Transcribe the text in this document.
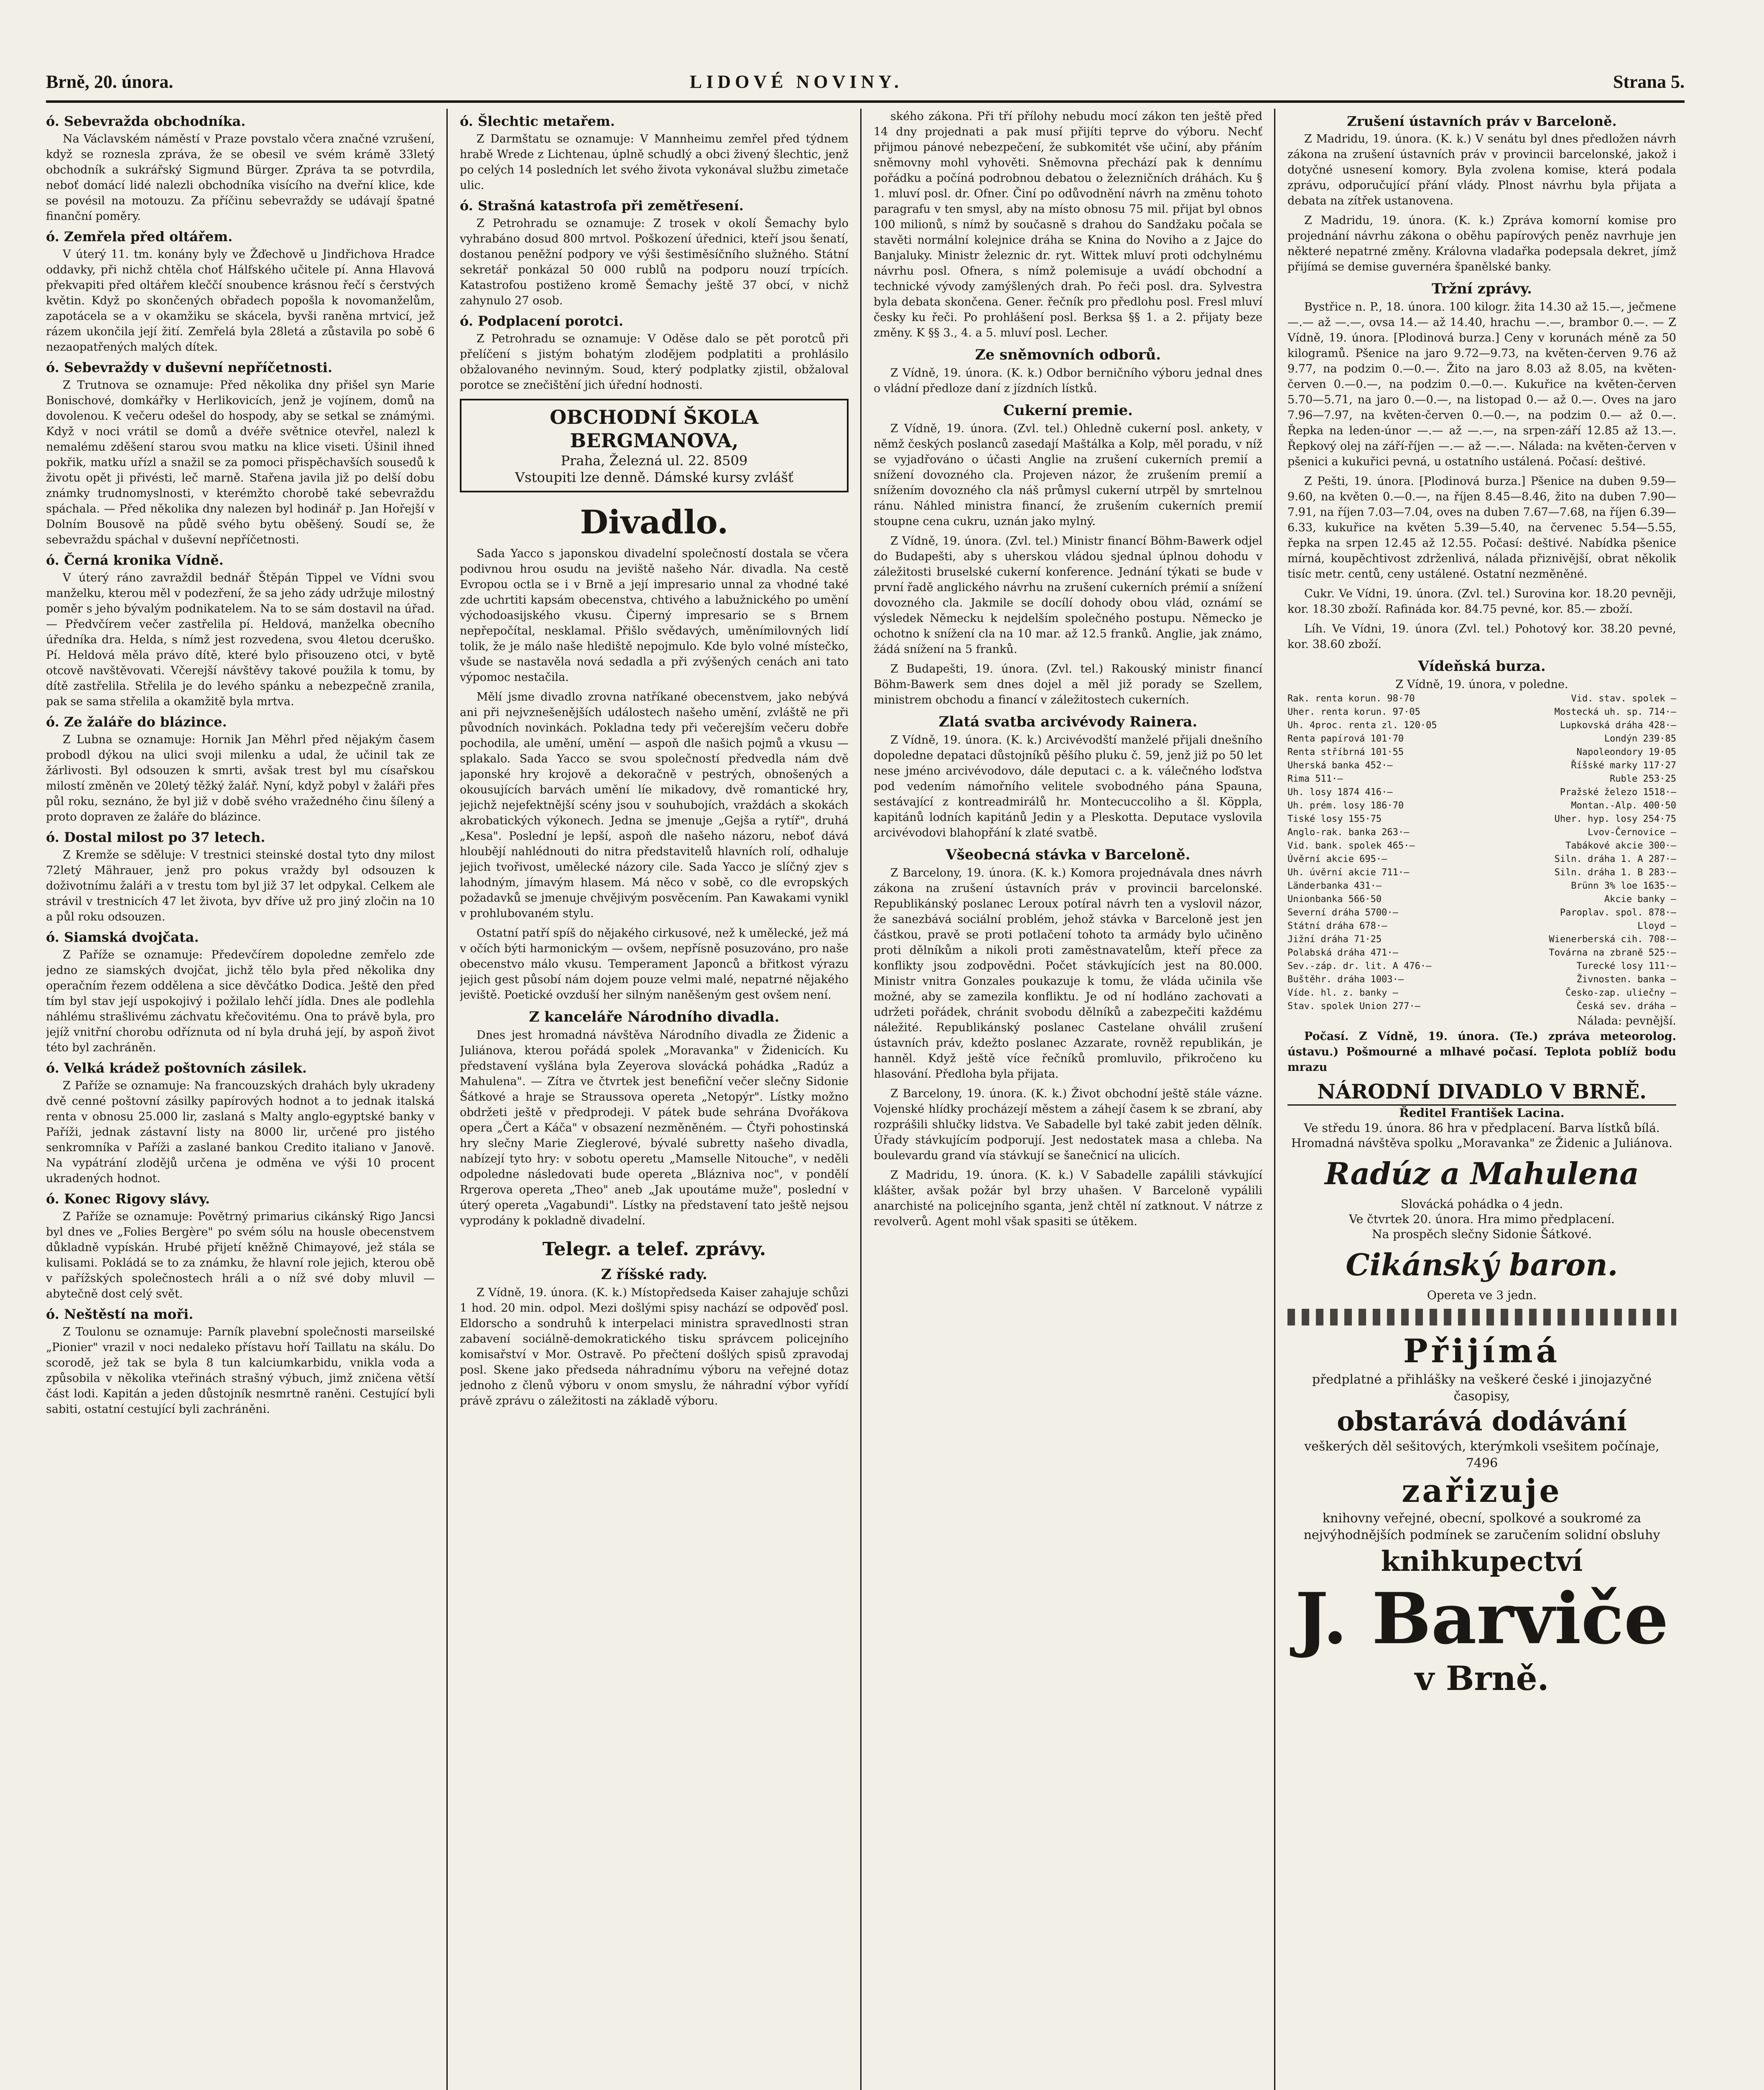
Brně, 20. února.	LIDOVÉ NOVINY.	Strana 5.
ó. Sebevražda obchodníka.

Na Václavském náměstí v Praze povstalo včera značné vzrušení, když se roznesla zpráva, že se obesil ve svém krámě 33letý obchodník a sukrářský Sigmund Bürger. Zpráva ta se potvrdila, neboť domácí lidé nalezli obchodníka visícího na dveřní klice, kde se povésil na motouzu. Za příčinu sebevraždy se udávají špatné finanční poměry.

ó. Zemřela před oltářem.

V úterý 11. tm. konány byly ve Žďechově u Jindřichova Hradce oddavky, při nichž chtěla choť Hálfského učitele pí. Anna Hlavová překvapiti před oltářem kleččí snoubence krásnou řečí s čerstvých květin. Když po skončených obřadech popošla k novomanželům, zapotácela se a v okamžiku se skácela, byvši raněna mrtvicí, jež rázem ukončila její žití. Zemřelá byla 28letá a zůstavila po sobě 6 nezaopatřených malých dítek.

ó. Sebevraždy v duševní nepříčetnosti.

Z Trutnova se oznamuje: Před několika dny přišel syn Marie Bonischové, domkářky v Herlikovicích, jenž je vojínem, domů na dovolenou. K večeru odešel do hospody, aby se setkal se známými. Když v noci vrátil se domů a dvéře světnice otevřel, nalezl k nemalému zděšení starou svou matku na klice viseti. Úšinil ihned pokřik, matku uřízl a snažil se za pomoci přispěchavších sousedů k životu opět ji přivésti, leč marně. Stařena javila již po delší dobu známky trudnomyslnosti, v kterémžto chorobě také sebevraždu spáchala. — Před několika dny nalezen byl hodinář p. Jan Hořejší v Dolním Bousově na půdě svého bytu oběšený. Soudí se, že sebevraždu spáchal v duševní nepříčetnosti.

ó. Černá kronika Vídně.

V úterý ráno zavraždil bednář Štěpán Tippel ve Vídni svou manželku, kterou měl v podezření, že sa jeho zády udržuje milostný poměr s jeho bývalým podnikatelem. Na to se sám dostavil na úřad. — Předvčírem večer zastřelila pí. Heldová, manželka obecního úředníka dra. Helda, s nímž jest rozvedena, svou 4letou dceruško. Pí. Heldová měla právo dítě, které bylo přisouzeno otci, v bytě otcově navštěvovati. Včerejší návštěvy takové použila k tomu, by dítě zastřelila. Střelila je do levého spánku a nebezpečně zranila, pak se sama střelila a okamžitě byla mrtva.

ó. Ze žaláře do blázince.

Z Lubna se oznamuje: Hornik Jan Měhrl před nějakým časem probodl dýkou na ulici svoji milenku a udal, že učinil tak ze žárlivosti. Byl odsouzen k smrti, avšak trest byl mu císařskou milostí změněn ve 20letý těžký žalář. Nyní, když pobyl v žaláři přes půl roku, seznáno, že byl již v době svého vražedného činu šílený a proto dopraven ze žaláře do blázince.

ó. Dostal milost po 37 letech.

Z Kremže se sděluje: V trestnici steinské dostal tyto dny milost 72letý Mährauer, jenž pro pokus vraždy byl odsouzen k doživotnímu žaláři a v trestu tom byl již 37 let odpykal. Celkem ale strávil v trestnicích 47 let života, byv dříve už pro jiný zločin na 10 a půl roku odsouzen.

ó. Siamská dvojčata.

Z Paříže se oznamuje: Předevčírem dopoledne zemřelo zde jedno ze siamských dvojčat, jichž tělo byla před několika dny operačním řezem oddělena a sice děvčátko Dodica. Ještě den před tím byl stav její uspokojivý i požilalo lehčí jídla. Dnes ale podlehla náhlému strašlivému záchvatu křečovitému. Ona to právě byla, pro jejíž vnitřní chorobu odříznuta od ní byla druhá její, by aspoň život této byl zachráněn.

ó. Velká krádež poštovních zásilek.

Z Paříže se oznamuje: Na francouzských drahách byly ukradeny dvě cenné poštovní zásilky papírových hodnot a to jednak italská renta v obnosu 25.000 lir, zaslaná s Malty anglo-egyptské banky v Paříži, jednak zástavní listy na 8000 lir, určené pro jistého senkromníka v Paříži a zaslané bankou Credito italiano v Janově. Na vypátrání zlodějů určena je odměna ve výši 10 procent ukradených hodnot.

ó. Konec Rigovy slávy.

Z Paříže se oznamuje: Povětrný primarius cikánský Rigo Jancsi byl dnes ve „Folies Bergère" po svém sólu na housle obecenstvem důkladně vypískán. Hrubé přijetí kněžně Chimayové, jež stála se kulisami. Pokládá se to za známku, že hlavní role jejich, kterou obě v pařížských společnostech hráli a o níž své doby mluvil — abytečně dost celý svět.

ó. Neštěstí na moři.

Z Toulonu se oznamuje: Parník plavební společnosti marseilské „Pionier" vrazil v noci nedaleko přístavu hoří Taillatu na skálu. Do scorodě, jež tak se byla 8 tun kalciumkarbidu, vnikla voda a způsobila v několika vteřinách strašný výbuch, jimž zničena větší část lodi. Kapitán a jeden důstojník nesmrtně raněni. Cestující byli sabiti, ostatní cestující byli zachráněni.

ó. Šlechtic metařem.

Z Darmštatu se oznamuje: V Mannheimu zemřel před týdnem hrabě Wrede z Lichtenau, úplně schudlý a obci živený šlechtic, jenž po celých 14 posledních let svého života vykonával službu zimetače ulic.

ó. Strašná katastrofa při zemětřesení.

Z Petrohradu se oznamuje: Z trosek v okolí Šemachy bylo vyhrabáno dosud 800 mrtvol. Poškození úřednici, kteří jsou šenatí, dostanou peněžní podpory ve výši šestiměsíčního služného. Státní sekretář ponkázal 50 000 rublů na podporu nouzí trpících. Katastrofou postiženo kromě Šemachy ještě 37 obcí, v nichž zahynulo 27 osob.

ó. Podplacení porotci.

Z Petrohradu se oznamuje: V Oděse dalo se pět porotců při přelíčení s jistým bohatým zlodějem podplatiti a prohlásilo obžalovaného nevinným. Soud, který podplatky zjistil, obžaloval porotce se znečištění jich úřední hodnosti.

OBCHODNÍ ŠKOLA BERGMANOVA,
Praha, Železná ul. 22. 8509
Vstoupiti lze denně. Dámské kursy zvlášť
Divadlo.

Sada Yacco s japonskou divadelní společností dostala se včera podivnou hrou osudu na jeviště našeho Nár. divadla. Na cestě Evropou octla se i v Brně a její impresario unnal za vhodné také zde uchrtiti kapsám obecenstva, chtivého a labužnického po umění východoasijského vkusu. Čiperný impresario se s Brnem nepřepočítal, nesklamal. Přišlo svědavých, uměnímilovných lidí tolik, že je málo naše hlediště nepojmulo. Kde bylo volné místečko, všude se nastavěla nová sedadla a při zvýšených cenách ani tato výpomoc nestačila.

Mělí jsme divadlo zrovna natříkané obecenstvem, jako nebývá ani při nejvznešenějších událostech našeho umění, zvláště ne při původních novinkách. Pokladna tedy při večerejším večeru dobře pochodila, ale umění, umění — aspoň dle našich pojmů a vkusu — splakalo. Sada Yacco se svou společností předvedla nám dvě japonské hry krojově a dekoračně v pestrých, obnošených a okousujících barvách umění líe mikadovy, dvě romantické hry, jejichž nejefektnější scény jsou v souhubojích, vraždách a skokách akrobatických výkonech. Jedna se jmenuje „Gejša a rytíř", druhá „Kesa". Poslední je lepší, aspoň dle našeho názoru, neboť dává hloubějí nahlédnouti do nitra představitelů hlavních rolí, odhaluje jejich tvořivost, umělecké názory cile. Sada Yacco je slíčný zjev s lahodným, jímavým hlasem. Má něco v sobě, co dle evropských požadavků se jmenuje chvějivým posvěcením. Pan Kawakami vynikl v prohlubovaném stylu.

Ostatní patří spíš do nějakého cirkusové, než k umělecké, jež má v očích býti harmonickým — ovšem, nepřísně posuzováno, pro naše obecenstvo málo vkusu. Temperament Japonců a břitkost výrazu jejich gest působí nám dojem pouze velmi malé, nepatrné nějakého jeviště. Poetické ovzduší her silným naněšeným gest ovšem není.

Z kanceláře Národního divadla.

Dnes jest hromadná návštěva Národního divadla ze Židenic a Juliánova, kterou pořádá spolek „Moravanka" v Židenicích. Ku představení vyšlána byla Zeyerova slovácká pohádka „Radúz a Mahulena". — Zítra ve čtvrtek jest benefiční večer slečny Sidonie Šátkové a hraje se Straussova opereta „Netopýr". Lístky možno obdržeti ještě v předprodeji. V pátek bude sehrána Dvořákova opera „Čert a Káča" v obsazení nezměněném. — Čtyři pohostinská hry slečny Marie Zieglerové, bývalé subretty našeho divadla, nabízejí tyto hry: v sobotu operetu „Mamselle Nitouche", v neděli odpoledne následovati bude opereta „Blázniva noc", v pondělí Rrgerova opereta „Theo" aneb „Jak upoutáme muže", poslední v úterý opereta „Vagabundi". Lístky na představení tato ještě nejsou vyprodány k pokladně divadelní.

Telegr. a telef. zprávy.
Z říšské rady.

Z Vídně, 19. února. (K. k.) Místopředseda Kaiser zahajuje schůzi 1 hod. 20 min. odpol. Mezi došlými spisy nachází se odpověď posl. Eldorscho a sondruhů k interpelaci ministra spravedlnosti stran zabavení sociálně-demokratického tisku správcem policejního komisařství v Mor. Ostravě. Po přečtení došlých spisů zpravodaj posl. Skene jako předseda náhradnímu výboru na veřejné dotaz jednoho z členů výboru v onom smyslu, že náhradní výbor vyřídí právě zprávu o záležitosti na základě výboru.

ského zákona. Při tří přílohy nebudu mocí zákon ten ještě před 14 dny projednati a pak musí přijíti teprve do výboru. Nechť přijmou pánové nebezpečení, že subkomitét vše učiní, aby přáním sněmovny mohl vyhověti. Sněmovna přechází pak k dennímu pořádku a počíná podrobnou debatou o železničních dráhách. Ku § 1. mluví posl. dr. Ofner. Činí po odůvodnění návrh na změnu tohoto paragrafu v ten smysl, aby na místo obnosu 75 mil. přijat byl obnos 100 milionů, s nímž by současně s drahou do Sandžaku počala se stavěti normální kolejnice dráha se Knina do Noviho a z Jajce do Banjaluky. Ministr železnic dr. ryt. Wittek mluví proti odchylnému návrhu posl. Ofnera, s nímž polemisuje a uvádí obchodní a technické vývody zamýšlených drah. Po řeči posl. dra. Sylvestra byla debata skončena. Gener. řečník pro předlohu posl. Fresl mluví česky ku řeči. Po prohlášení posl. Berksa §§ 1. a 2. přijaty beze změny. K §§ 3., 4. a 5. mluví posl. Lecher.

Ze sněmovních odborů.

Z Vídně, 19. února. (K. k.) Odbor berničního výboru jednal dnes o vládní předloze daní z jízdních lístků.

Cukerní premie.

Z Vídně, 19. února. (Zvl. tel.) Ohledně cukerní posl. ankety, v němž českých poslanců zasedají Maštálka a Kolp, měl poradu, v níž se vyjadřováno o účasti Anglie na zrušení cukerních premií a snížení dovozného cla. Projeven názor, že zrušením premií a snížením dovozného cla náš průmysl cukerní utrpěl by smrtelnou ránu. Náhled ministra financí, že zrušením cukerních premií stoupne cena cukru, uznán jako mylný.

Z Vídně, 19. února. (Zvl. tel.) Ministr financí Böhm-Bawerk odjel do Budapešti, aby s uherskou vládou sjednal úplnou dohodu v záležitosti bruselské cukerní konference. Jednání týkati se bude v první řadě anglického návrhu na zrušení cukerních prémií a snížení dovozného cla. Jakmile se docílí dohody obou vlád, oznámí se výsledek Německu k nejdelším společného postupu. Německo je ochotno k snížení cla na 10 mar. až 12.5 franků. Anglie, jak známo, žádá snížení na 5 franků.

Z Budapešti, 19. února. (Zvl. tel.) Rakouský ministr financí Böhm-Bawerk sem dnes dojel a měl již porady se Szellem, ministrem obchodu a financí v záležitostech cukerních.

Zlatá svatba arcivévody Rainera.

Z Vídně, 19. února. (K. k.) Arcivévodští manželé přijali dnešního dopoledne depataci důstojníků pěšího pluku č. 59, jenž již po 50 let nese jméno arcivévodovo, dále deputaci c. a k. válečného loďstva pod vedením námořního velitele svobodného pána Spauna, sestávající z kontreadmirálů hr. Montecuccoliho a šl. Köppla, kapitánů lodních kapitánů Jedin y a Pleskotta. Deputace vyslovila arcivévodovi blahopřání k zlaté svatbě.

Všeobecná stávka v Barceloně.

Z Barcelony, 19. února. (K. k.) Komora projednávala dnes návrh zákona na zrušení ústavních práv v provincii barcelonské. Republikánský poslanec Leroux potíral návrh ten a vyslovil názor, že sanezbává sociální problém, jehož stávka v Barceloně jest jen částkou, pravě se proti potlačení tohoto ta armády bylo učiněno proti dělníkům a nikoli proti zaměstnavatelům, kteří přece za konflikty jsou zodpovědni. Počet stávkujících jest na 80.000. Ministr vnitra Gonzales poukazuje k tomu, že vláda učinila vše možné, aby se zamezila konfliktu. Je od ní hodláno zachovati a udržeti pořádek, chránit svobodu dělníků a zabezpečiti každému náležité. Republikánský poslanec Castelane ohválil zrušení ústavních práv, kdežto poslanec Azzarate, rovněž republikán, je hanněl. Když ještě více řečníků promluvilo, přikročeno ku hlasování. Předloha byla přijata.

Z Barcelony, 19. února. (K. k.) Život obchodní ještě stále vázne. Vojenské hlídky procházejí městem a záhejí časem k se zbraní, aby rozprášili shlučky lidstva. Ve Sabadelle byl také zabit jeden dělník. Úřady stávkujícím podporují. Jest nedostatek masa a chleba. Na boulevardu grand vía stávkují se šanečnicí na ulicích.

Z Madridu, 19. února. (K. k.) V Sabadelle zapálili stávkující klášter, avšak požár byl brzy uhašen. V Barceloně vypálili anarchisté na policejního sganta, jenž chtěl ní zatknout. V nátrze z revolverů. Agent mohl však spasiti se útěkem.

Zrušení ústavních práv v Barceloně.

Z Madridu, 19. února. (K. k.) V senátu byl dnes předložen návrh zákona na zrušení ústavních práv v provincii barcelonské, jakož i dotyčné usnesení komory. Byla zvolena komise, která podala zprávu, odporučující přání vlády. Plnost návrhu byla přijata a debata na zítřek ustanovena.

Z Madridu, 19. února. (K. k.) Zpráva komorní komise pro projednání návrhu zákona o oběhu papírových peněz navrhuje jen některé nepatrné změny. Královna vladařka podepsala dekret, jímž přijímá se demise guvernéra španělské banky.

Tržní zprávy.

Bystřice n. P., 18. února. 100 kilogr. žita 14.30 až 15.—, ječmene —.— až —.—, ovsa 14.— až 14.40, hrachu —.—, brambor 0.—. — Z Vídně, 19. února. [Plodinová burza.] Ceny v korunách méně za 50 kilogramů. Pšenice na jaro 9.72—9.73, na květen-červen 9.76 až 9.77, na podzim 0.—0.—. Žito na jaro 8.03 až 8.05, na květen-červen 0.—0.—, na podzim 0.—0.—. Kukuřice na květen-červen 5.70—5.71, na jaro 0.—0.—, na listopad 0.— až 0.—. Oves na jaro 7.96—7.97, na květen-červen 0.—0.—, na podzim 0.— až 0.—. Řepka na leden-únor —.— až —.—, na srpen-září 12.85 až 13.—. Řepkový olej na září-říjen —.— až —.—. Nálada: na květen-červen v pšenici a kukuřici pevná, u ostatního ustálená. Počasí: deštivé.

Z Pešti, 19. února. [Plodinová burza.] Pšenice na duben 9.59—9.60, na květen 0.—0.—, na říjen 8.45—8.46, žito na duben 7.90—7.91, na říjen 7.03—7.04, oves na duben 7.67—7.68, na říjen 6.39—6.33, kukuřice na květen 5.39—5.40, na červenec 5.54—5.55, řepka na srpen 12.45 až 12.55. Počasí: deštivé. Nabídka pšenice mírná, koupěchtivost zdrženlivá, nálada přiznivější, obrat několik tisíc metr. centů, ceny ustálené. Ostatní nezměněné.

Cukr. Ve Vídni, 19. února. (Zvl. tel.) Surovina kor. 18.20 pevněji, kor. 18.30 zboží. Rafináda kor. 84.75 pevné, kor. 85.— zboží.

Líh. Ve Vídni, 19. února (Zvl. tel.) Pohotový kor. 38.20 pevné, kor. 38.60 zboží.

Vídeňská burza.
Z Vídně, 19. února, v poledne.
Rak. renta korun. 98·70	Vid. stav. spolek —
Uher. renta korun. 97·05	Mostecká uh. sp. 714·—
Uh. 4proc. renta zl. 120·05	Lupkovská dráha 428·—
Renta papírová 101·70	Londýn 239·85
Renta stříbrná 101·55	Napoleondory 19·05
Uherská banka 452·—	Říšské marky 117·27
Rima 511·—	Ruble 253·25
Uh. losy 1874 416·—	Pražské železo 1518·—
Uh. prém. losy 186·70	Montan.-Alp. 400·50
Tiské losy 155·75	Uher. hyp. losy 254·75
Anglo-rak. banka 263·—	Lvov-Černovice —
Vid. bank. spolek 465·—	Tabákové akcie 300·—
Úvěrní akcie 695·—	Siln. dráha 1. A 287·—
Uh. úvěrní akcie 711·—	Siln. dráha 1. B 283·—
Länderbanka 431·—	Brünn 3% loe 1635·—
Unionbanka 566·50	Akcie banky —
Severní dráha 5700·—	Paroplav. spol. 878·—
Státní dráha 678·—	Lloyd —
Jižní dráha 71·25	Wienerberská cih. 708·—
Polabská dráha 471·—	Továrna na zbraně 525·—
Sev.-záp. dr. lit. A 476·—	Turecké losy 111·—
Buštěhr. dráha 1003·—	Živnosten. banka —
Víde. hl. z. banky —	Česko-zap. uliečny —
Stav. spolek Union 277·—	Česká sev. dráha —
Nálada: pevnější.

Počasí. Z Vídně, 19. února. (Te.) zpráva meteorolog. ústavu.) Pošmourné a mlhavé počasí. Teplota poblíž bodu mrazu

NÁRODNÍ DIVADLO V BRNĚ.
Ředitel František Lacina.
Ve středu 19. února. 86 hra v předplacení. Barva lístků bílá.
Hromadná návštěva spolku „Moravanka" ze Židenic a Juliánova.
Radúz a Mahulena
Slovácká pohádka o 4 jedn.
Ve čtvrtek 20. února. Hra mimo předplacení.
Na prospěch slečny Sidonie Šátkové.
Cikánský baron.
Opereta ve 3 jedn.
Přijímá
předplatné a přihlášky na veškeré české i jinojazyčné časopisy,
obstarává dodávání
veškerých děl sešitových, kterýmkoli vsešitem počínaje, 7496
zařizuje
knihovny veřejné, obecní, spolkové a soukromé za nejvýhodnějších podmínek se zaručením solidní obsluhy
knihkupectví
J. Barviče
v Brně.
